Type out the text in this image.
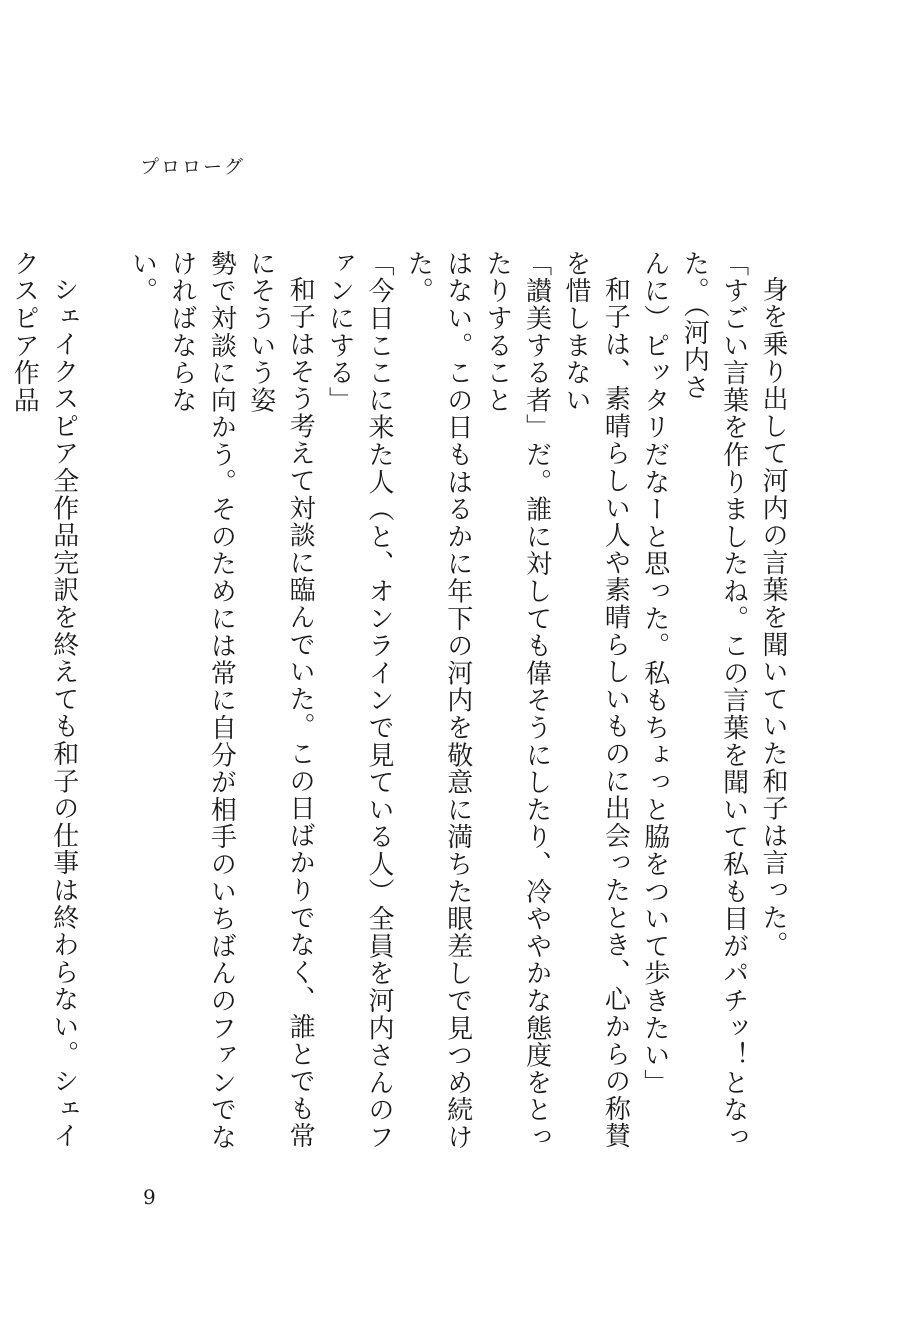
プロローグ
身を乗り出して河内の言葉を聞いていた和子は言った。
「すごい言葉を作りましたね。この言葉を聞いて私も目がパチッ！となった。（河内さ
んに）ピッタリだなーと思った。私もちょっと脇をついて歩きたい」
和子は、素晴らしい人や素晴らしいものに出会ったとき、心からの称賛を惜しまない
「讃美する者」だ。誰に対しても偉そうにしたり、冷ややかな態度をとったりすること
はない。この日もはるかに年下の河内を敬意に満ちた眼差しで見つめ続けた。
「今日ここに来た人（と、オンラインで見ている人）全員を河内さんのファンにする」
和子はそう考えて対談に臨んでいた。この日ばかりでなく、誰とでも常にそういう姿
勢で対談に向かう。そのためには常に自分が相手のいちばんのファンでなければならな
い。
シェイクスピア全作品完訳を終えても和子の仕事は終わらない。シェイクスピア作品
9
